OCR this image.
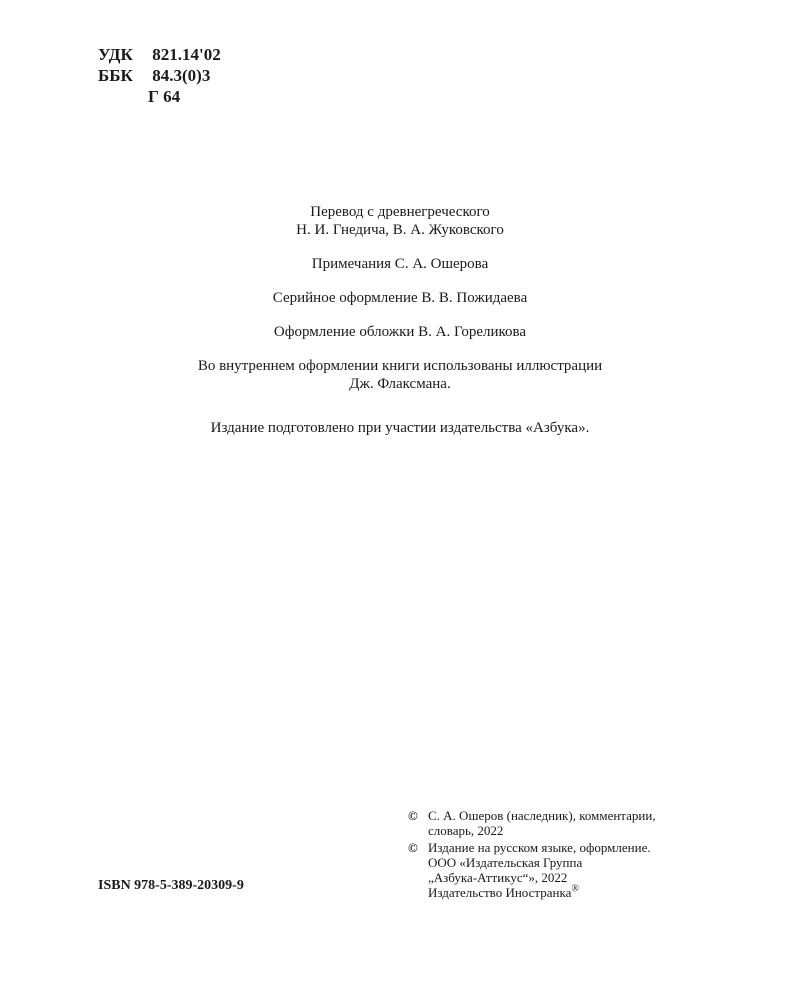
УДК 821.14'02
ББК 84.3(0)3
Г 64
Перевод с древнегреческого
Н. И. Гнедича, В. А. Жуковского
Примечания С. А. Ошерова
Серийное оформление В. В. Пожидаева
Оформление обложки В. А. Гореликова
Во внутреннем оформлении книги использованы иллюстрации
Дж. Флаксмана.
Издание подготовлено при участии издательства «Азбука».
ISBN 978-5-389-20309-9
© С. А. Ошеров (наследник), комментарии,
словарь, 2022
© Издание на русском языке, оформление.
ООО «Издательская Группа
„Азбука-Аттикус“», 2022
Издательство Иностранка®
